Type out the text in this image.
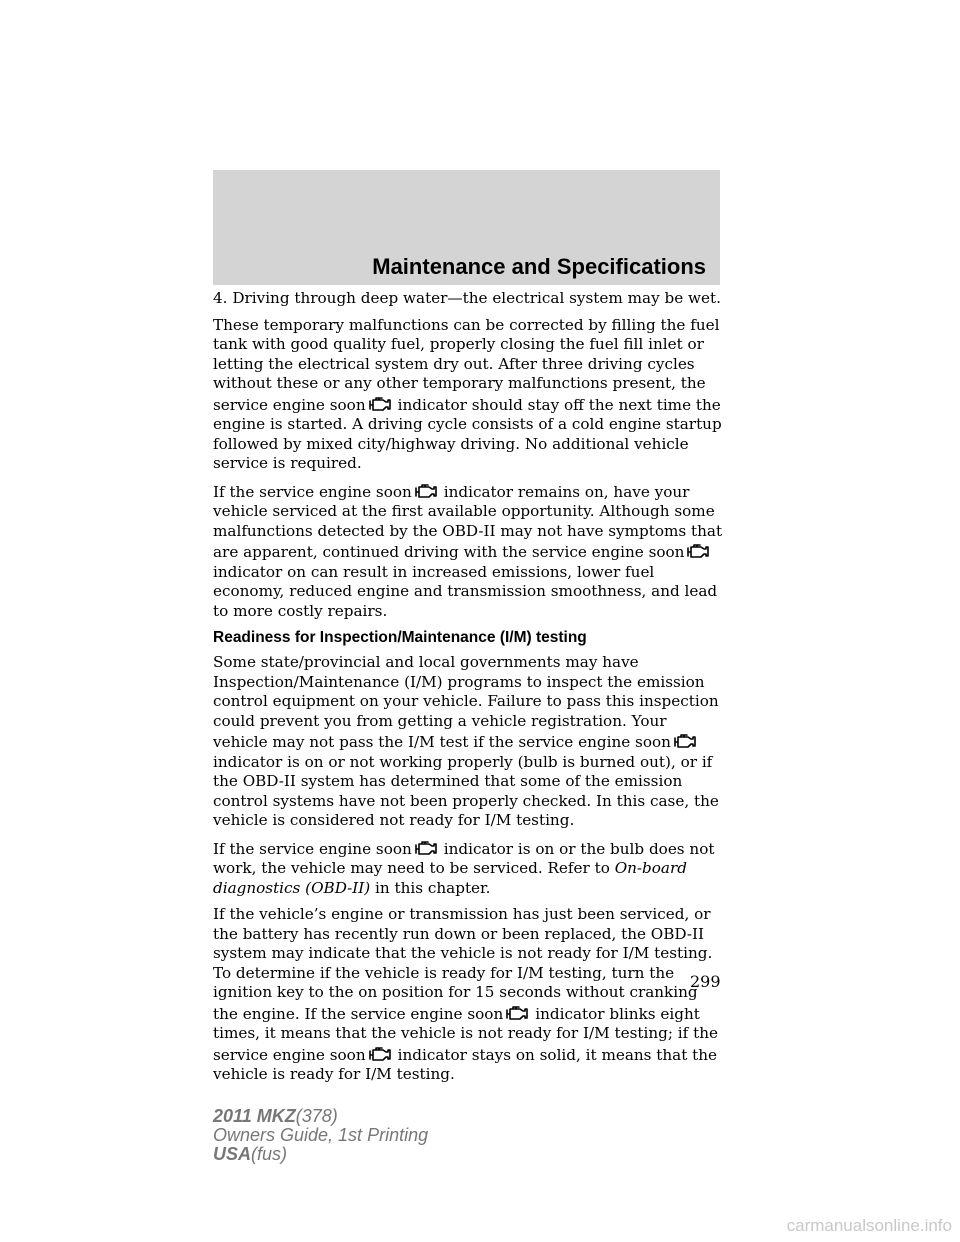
Maintenance and Specifications

4. Driving through deep water—the electrical system may be wet.

These temporary malfunctions can be corrected by filling the fuel tank with good quality fuel, properly closing the fuel fill inlet or letting the electrical system dry out. After three driving cycles without these or any other temporary malfunctions present, the service engine soon indicator should stay off the next time the engine is started. A driving cycle consists of a cold engine startup followed by mixed city/highway driving. No additional vehicle service is required.

If the service engine soon indicator remains on, have your vehicle serviced at the first available opportunity. Although some malfunctions detected by the OBD-II may not have symptoms that are apparent, continued driving with the service engine soon
indicator on can result in increased emissions, lower fuel economy, reduced engine and transmission smoothness, and lead to more costly repairs.

Readiness for Inspection/Maintenance (I/M) testing

Some state/provincial and local governments may have Inspection/Maintenance (I/M) programs to inspect the emission control equipment on your vehicle. Failure to pass this inspection could prevent you from getting a vehicle registration. Your vehicle may not pass the I/M test if the service engine soon
indicator is on or not working properly (bulb is burned out), or if the OBD-II system has determined that some of the emission control systems have not been properly checked. In this case, the vehicle is considered not ready for I/M testing.

If the service engine soon indicator is on or the bulb does not work, the vehicle may need to be serviced. Refer to On-board diagnostics (OBD-II) in this chapter.

If the vehicle’s engine or transmission has just been serviced, or the battery has recently run down or been replaced, the OBD-II system may indicate that the vehicle is not ready for I/M testing. To determine if the vehicle is ready for I/M testing, turn the ignition key to the on position for 15 seconds without cranking the engine. If the service engine soon indicator blinks eight times, it means that the vehicle is not ready for I/M testing; if the service engine soon indicator stays on solid, it means that the vehicle is ready for I/M testing.

299
2011 MKZ(378)
Owners Guide, 1st Printing
USA(fus)
carmanualsonline.info
